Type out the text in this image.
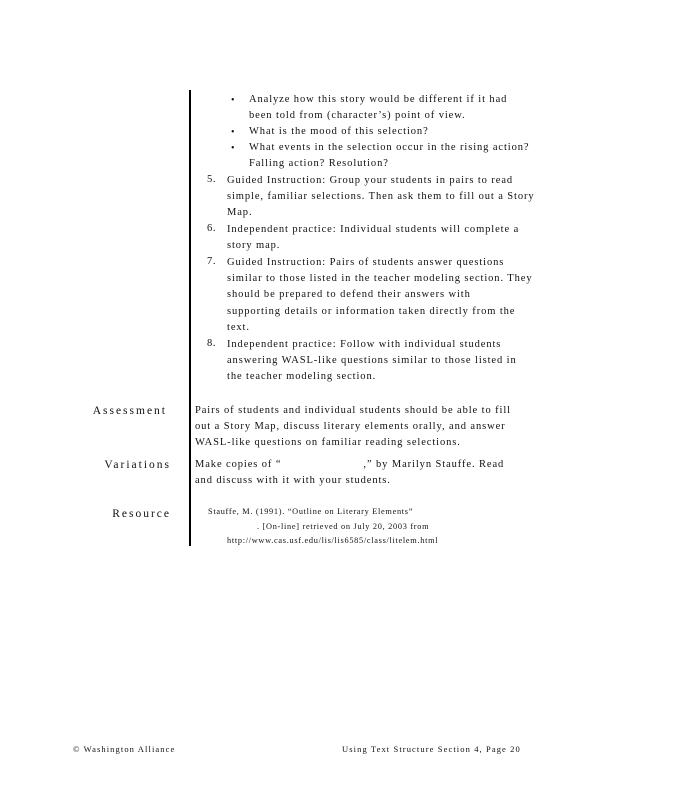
• Analyze how this story would be different if it had
been told from (character’s) point of view.
• What is the mood of this selection?
• What events in the selection occur in the rising action?
Falling action? Resolution?
5. Guided Instruction: Group your students in pairs to read
simple, familiar selections. Then ask them to fill out a Story
Map.
6. Independent practice: Individual students will complete a
story map.
7. Guided Instruction: Pairs of students answer questions
similar to those listed in the teacher modeling section. They
should be prepared to defend their answers with
supporting details or information taken directly from the
text.
8. Independent practice: Follow with individual students
answering WASL-like questions similar to those listed in
the teacher modeling section.
Assessment	Pairs of students and individual students should be able to fill
out a Story Map, discuss literary elements orally, and answer
WASL-like questions on familiar reading selections.
Variations Make copies of “	,” by Marilyn Stauffe. Read
and discuss with it with your students.
Resource	Stauffe, M. (1991). “Outline on Literary Elements”
. [On-line] retrieved on July 20, 2003 from
http://www.cas.usf.edu/lis/lis6585/class/litelem.html
© Washington Alliance	Using Text Structure Section 4, Page 20
